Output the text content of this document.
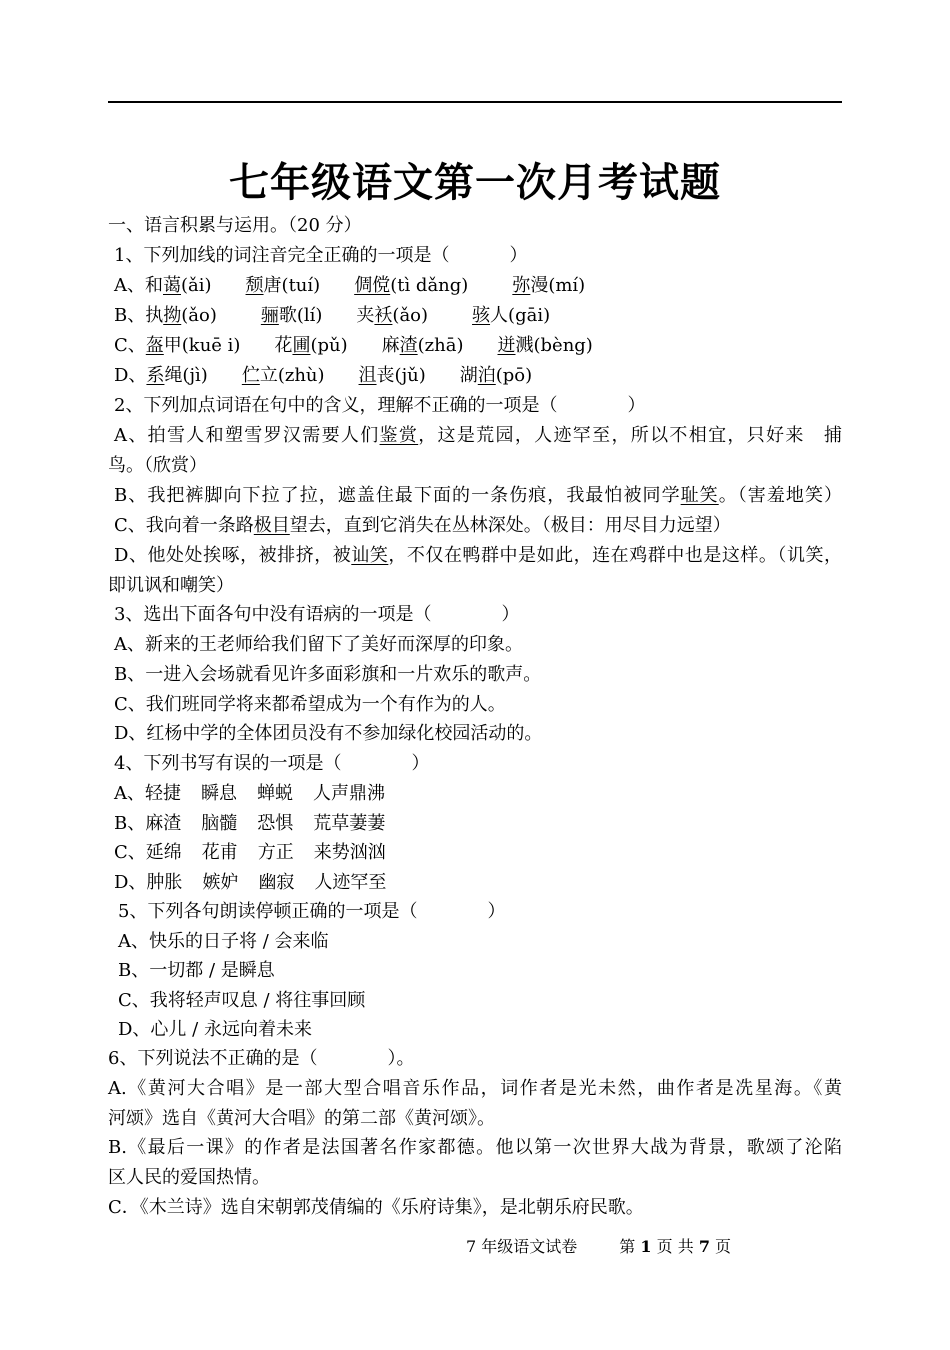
七年级语文第一次月考试题
一、语言积累与运用。（20 分）
1、下列加线的词注音完全正确的一项是（	）
A、和蔼(ǎi) 颓唐(tuí) 倜傥(tì dǎng) 弥漫(mí)
B、执拗(ǎo) 骊歌(lí) 夹袄(ǎo) 骇人(gāi)
C、盔甲(kuē i) 花圃(pǔ) 麻渣(zhā) 迸溅(bèng)
D、系绳(jì) 伫立(zhù) 沮丧(jǔ) 湖泊(pō)
2、下列加点词语在句中的含义，理解不正确的一项是（	）
A、拍雪人和塑雪罗汉需要人们鉴赏，这是荒园，人迹罕至，所以不相宜，只好来　捕
鸟。（欣赏）
B、我把裤脚向下拉了拉，遮盖住最下面的一条伤痕，我最怕被同学耻笑。（害羞地笑）
C、我向着一条路极目望去，直到它消失在丛林深处。（极目：用尽目力远望）
D、他处处挨啄，被排挤，被讪笑，不仅在鸭群中是如此，连在鸡群中也是这样。（讥笑，
即讥讽和嘲笑）
3、选出下面各句中没有语病的一项是（	）
A、新来的王老师给我们留下了美好而深厚的印象。
B、一进入会场就看见许多面彩旗和一片欢乐的歌声。
C、我们班同学将来都希望成为一个有作为的人。
D、红杨中学的全体团员没有不参加绿化校园活动的。
4、下列书写有误的一项是（	）
A、轻捷 瞬息 蝉蜕 人声鼎沸
B、麻渣 脑髓 恐惧 荒草萋萋
C、延绵 花甫 方正 来势汹汹
D、肿胀 嫉妒 幽寂 人迹罕至
5、下列各句朗读停顿正确的一项是（	）
A、快乐的日子将 / 会来临
B、一切都 / 是瞬息
C、我将轻声叹息 / 将往事回顾
D、心儿 / 永远向着未来
6、下列说法不正确的是（	）。
A.《黄河大合唱》是一部大型合唱音乐作品，词作者是光未然，曲作者是冼星海。《黄
河颂》选自《黄河大合唱》的第二部《黄河颂》。
B.《最后一课》的作者是法国著名作家都德。他以第一次世界大战为背景，歌颂了沦陷
区人民的爱国热情。
C．《木兰诗》选自宋朝郭茂倩编的《乐府诗集》，是北朝乐府民歌。
7 年级语文试卷	第 1 页 共 7 页
